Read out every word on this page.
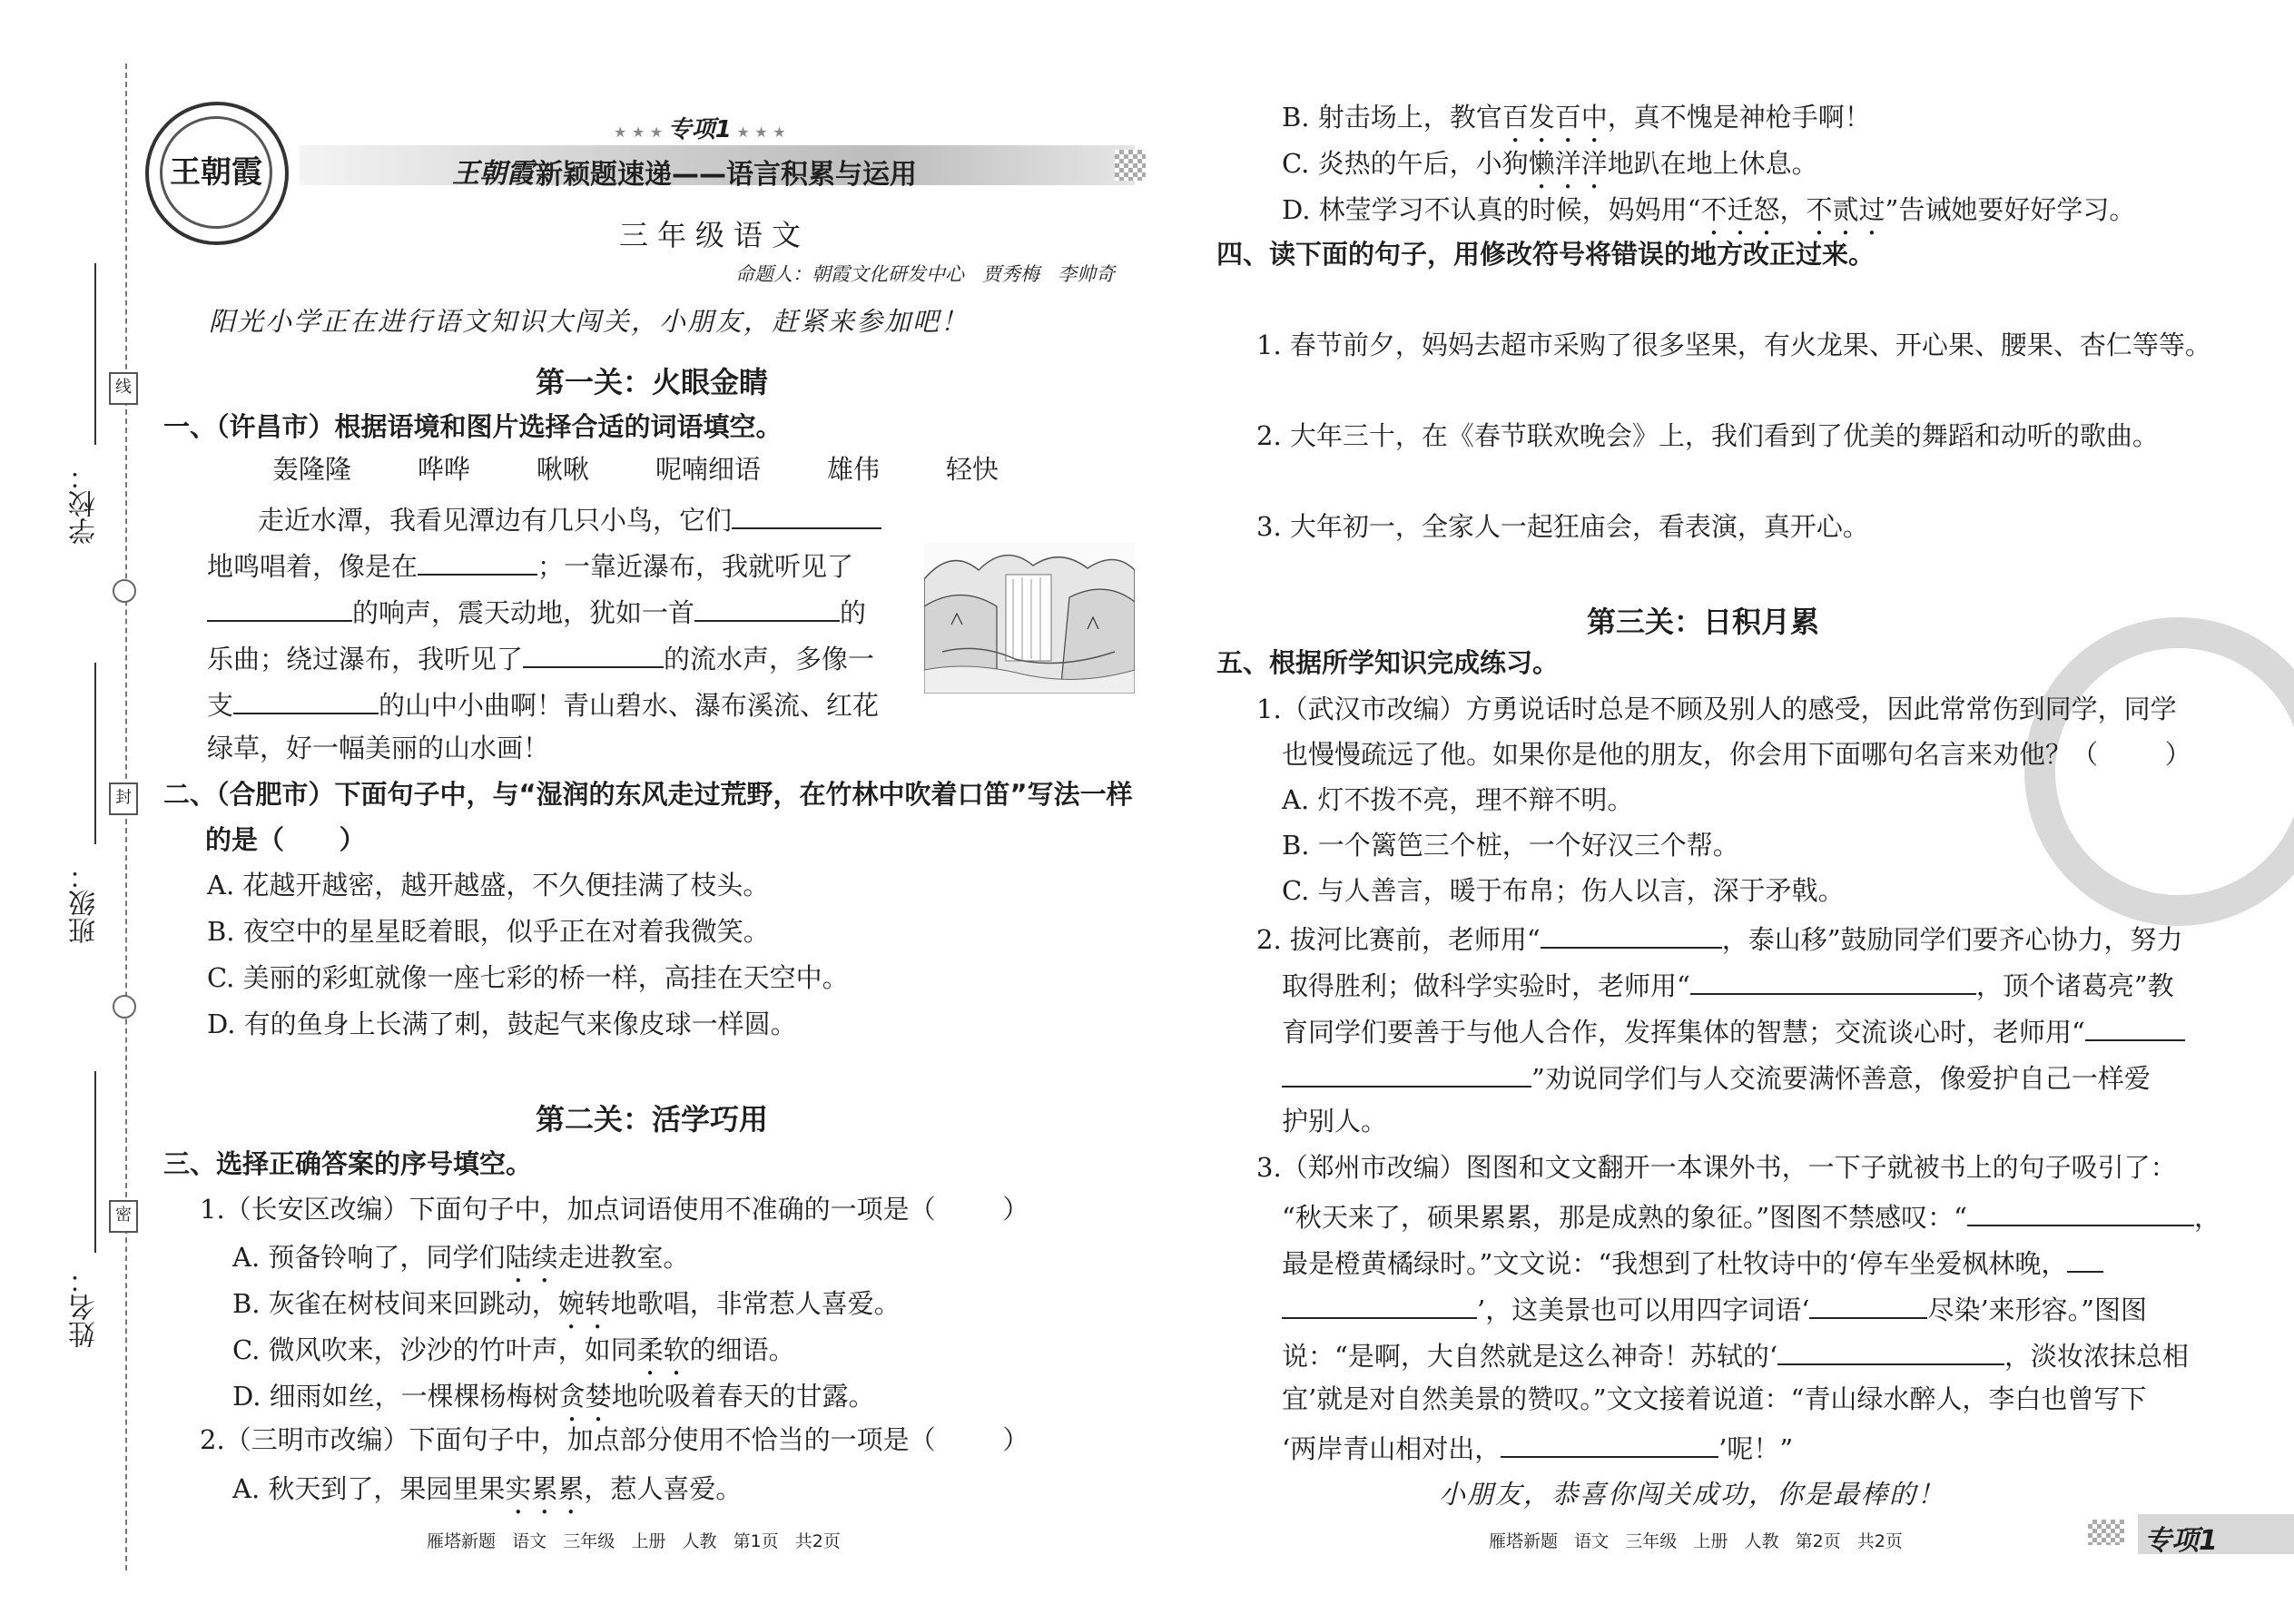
学校：
班级：
姓名：
线
封
密
王朝霞
★ ★ ★ 专项1 ★ ★ ★
王朝霞 新颖题速递——语言积累与运用
三年级语文
命题人：朝霞文化研发中心   贾秀梅   李帅奇
阳光小学正在进行语文知识大闯关，小朋友，赶紧来参加吧！
第一关：火眼金睛
一、（许昌市）根据语境和图片选择合适的词语填空。
轰隆隆	哗哗	啾啾	呢喃细语	雄伟	轻快
走近水潭，我看见潭边有几只小鸟，它们
地鸣唱着，像是在	；一靠近瀑布，我就听见了
的响声，震天动地，犹如一首	的
乐曲；绕过瀑布，我听见了	的流水声，多像一
支	的山中小曲啊！青山碧水、瀑布溪流、红花
绿草，好一幅美丽的山水画！
二、（合肥市）下面句子中，与“湿润的东风走过荒野，在竹林中吹着口笛”写法一样
的是（      ）
A. 花越开越密，越开越盛，不久便挂满了枝头。
B. 夜空中的星星眨着眼，似乎正在对着我微笑。
C. 美丽的彩虹就像一座七彩的桥一样，高挂在天空中。
D. 有的鱼身上长满了刺，鼓起气来像皮球一样圆。
第二关：活学巧用
三、选择正确答案的序号填空。
1.（长安区改编）下面句子中，加点词语使用不准确的一项是（        ）
A. 预备铃响了，同学们陆续走进教室。
B. 灰雀在树枝间来回跳动，婉转地歌唱，非常惹人喜爱。
C. 微风吹来，沙沙的竹叶声，如同柔软的细语。
D. 细雨如丝，一棵棵杨梅树贪婪地吮吸着春天的甘露。
2.（三明市改编）下面句子中，加点部分使用不恰当的一项是（        ）
A. 秋天到了，果园里果实累累，惹人喜爱。
雁塔新题   语文   三年级   上册   人教   第1页   共2页
B. 射击场上，教官百发百中，真不愧是神枪手啊！
C. 炎热的午后，小狗懒洋洋地趴在地上休息。
D. 林莹学习不认真的时候，妈妈用“不迁怒，不贰过”告诫她要好好学习。
四、读下面的句子，用修改符号将错误的地方改正过来。
1. 春节前夕，妈妈去超市采购了很多坚果，有火龙果、开心果、腰果、杏仁等等。
2. 大年三十，在《春节联欢晚会》上，我们看到了优美的舞蹈和动听的歌曲。
3. 大年初一，全家人一起狂庙会，看表演，真开心。
第三关：日积月累
五、根据所学知识完成练习。
1.（武汉市改编）方勇说话时总是不顾及别人的感受，因此常常伤到同学，同学
也慢慢疏远了他。如果你是他的朋友，你会用下面哪句名言来劝他？（        ）
A. 灯不拨不亮，理不辩不明。
B. 一个篱笆三个桩，一个好汉三个帮。
C. 与人善言，暖于布帛；伤人以言，深于矛戟。
2. 拔河比赛前，老师用“	，泰山移”鼓励同学们要齐心协力，努力
取得胜利；做科学实验时，老师用“	，顶个诸葛亮”教
育同学们要善于与他人合作，发挥集体的智慧；交流谈心时，老师用“
”劝说同学们与人交流要满怀善意，像爱护自己一样爱
护别人。
3.（郑州市改编）图图和文文翻开一本课外书，一下子就被书上的句子吸引了：
“秋天来了，硕果累累，那是成熟的象征。”图图不禁感叹：“	，
最是橙黄橘绿时。”文文说：“我想到了杜牧诗中的‘停车坐爱枫林晚，
’，这美景也可以用四字词语‘	尽染’来形容。”图图
说：“是啊，大自然就是这么神奇！苏轼的‘	，淡妆浓抹总相
宜’就是对自然美景的赞叹。”文文接着说道：“青山绿水醉人，李白也曾写下
‘两岸青山相对出，	’呢！”
小朋友，恭喜你闯关成功，你是最棒的！
雁塔新题   语文   三年级   上册   人教   第2页   共2页	专项1
